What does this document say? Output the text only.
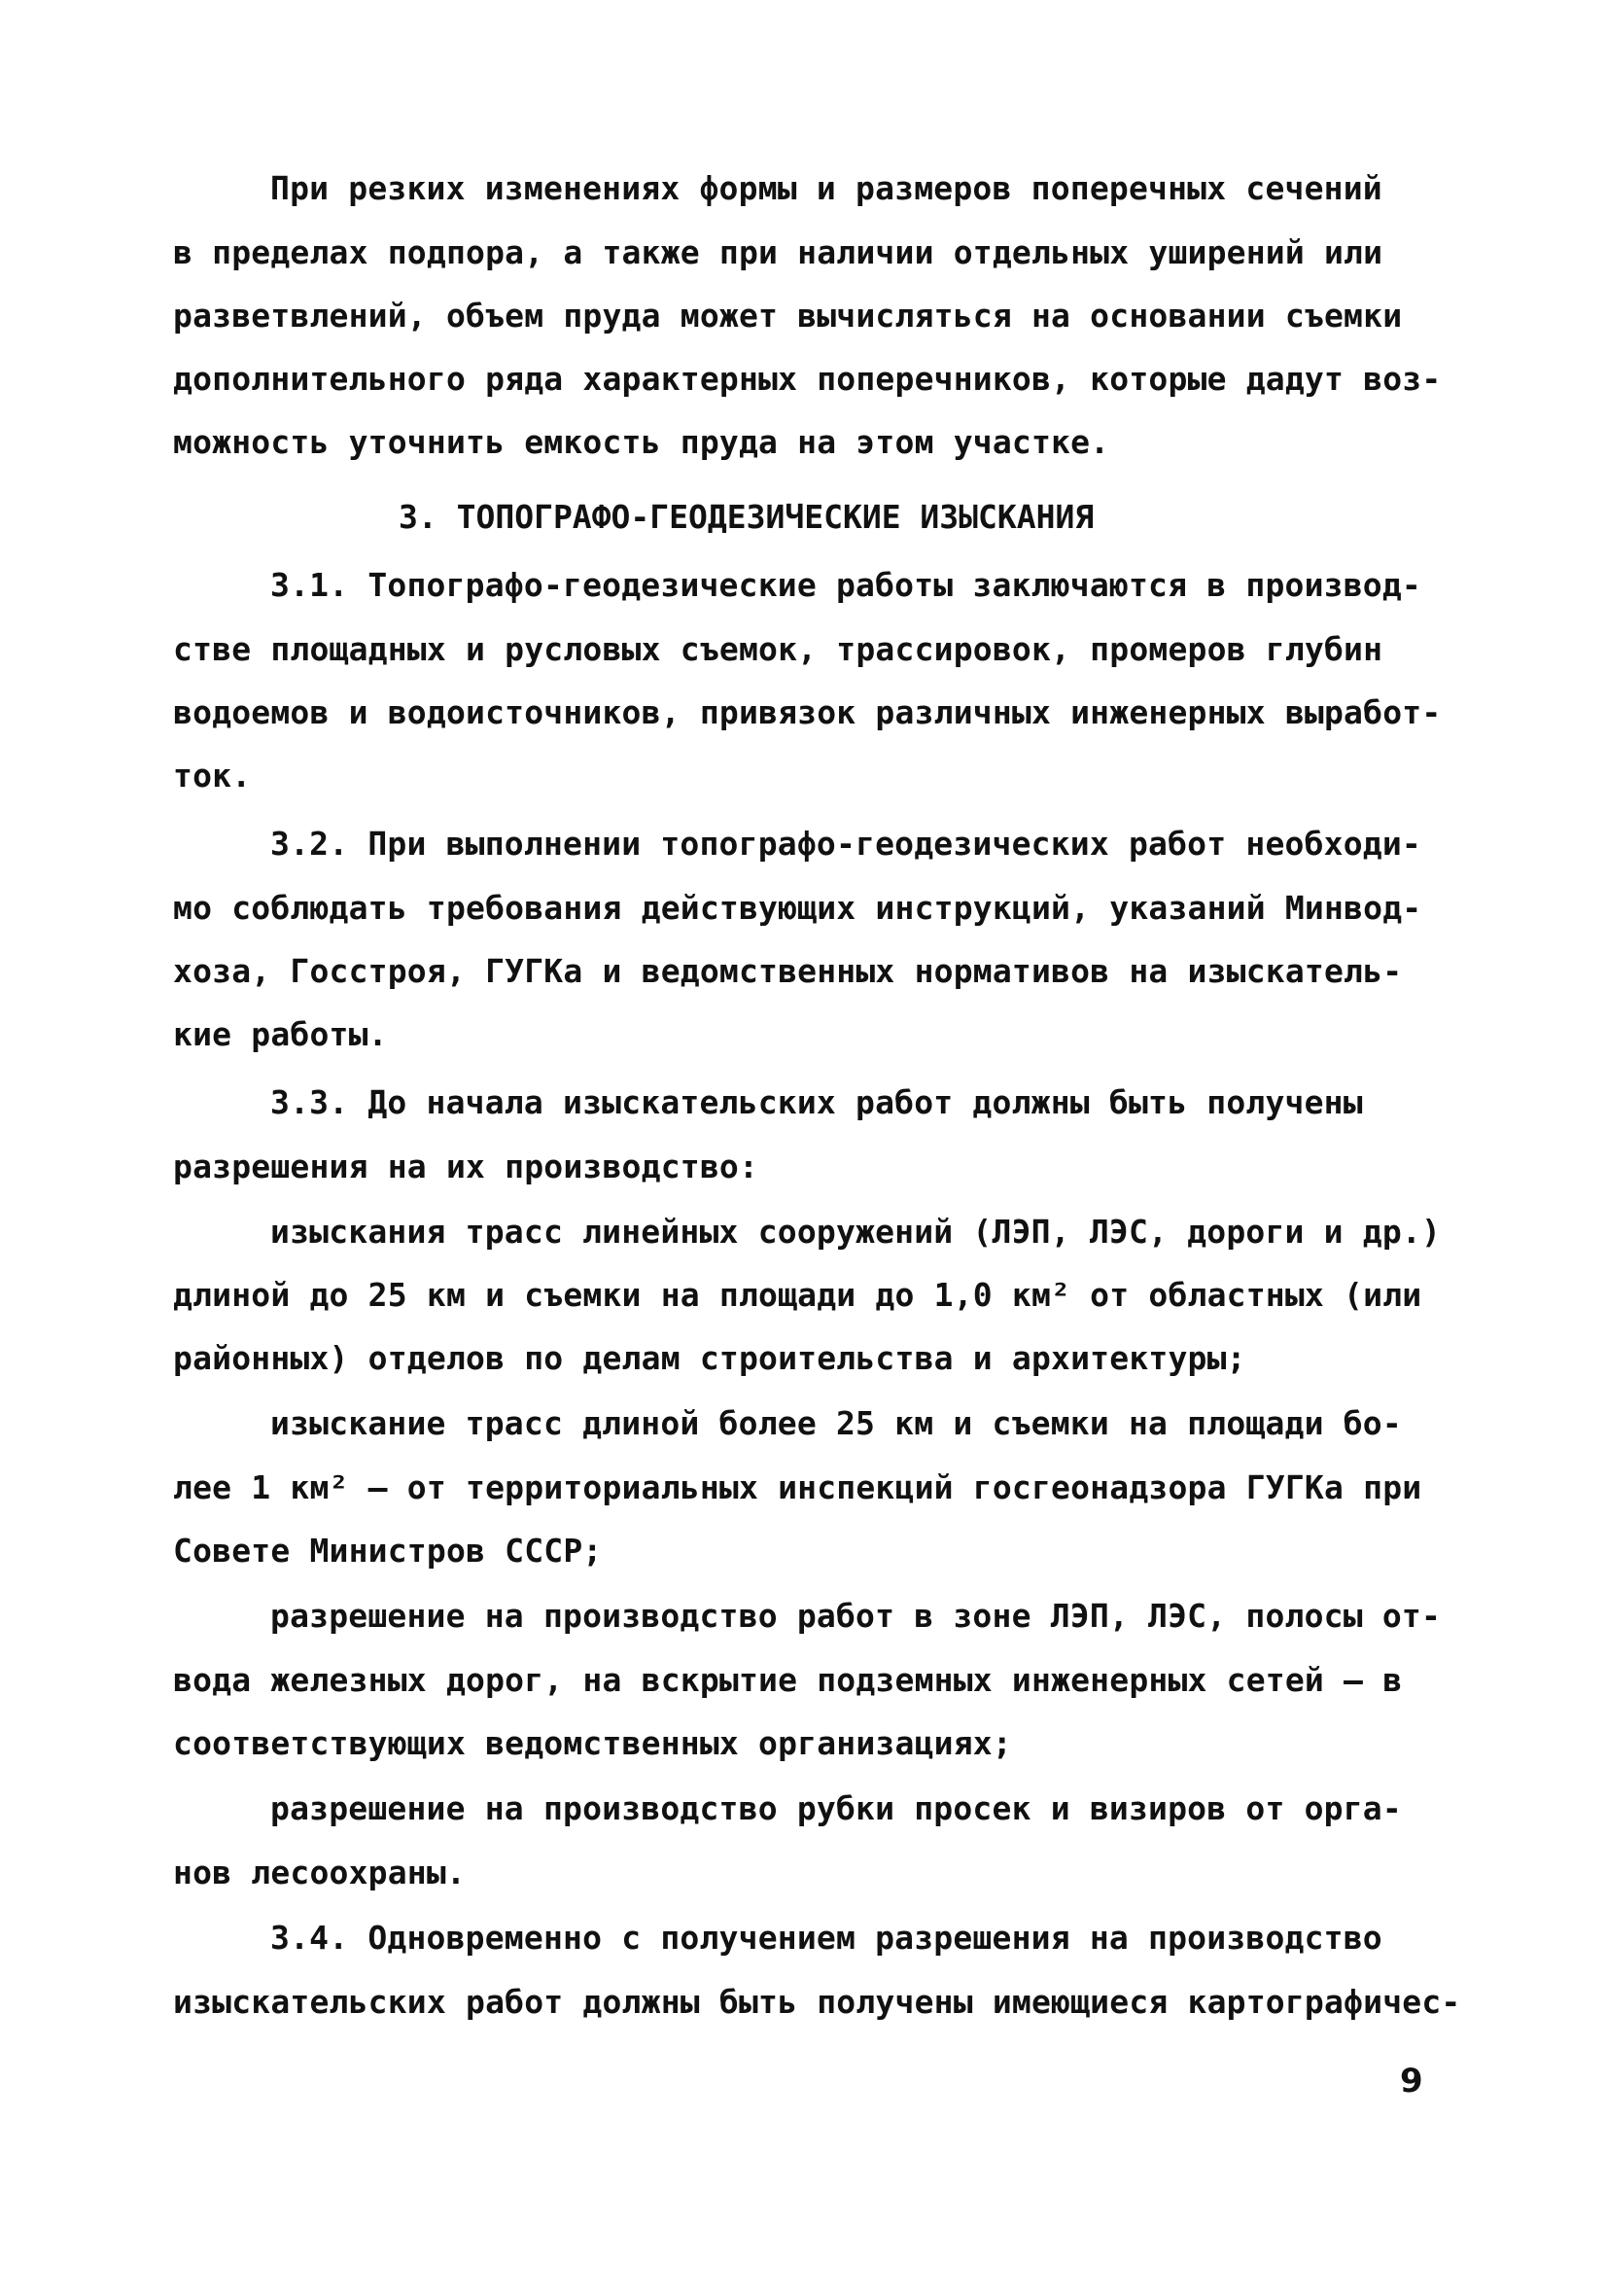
При резких изменениях формы и размеров поперечных сечений
в пределах подпора, а также при наличии отдельных уширений или
разветвлений, объем пруда может вычисляться на основании съемки
дополнительного ряда характерных поперечников, которые дадут воз-
можность уточнить емкость пруда на этом участке.
3. ТОПОГРАФО-ГЕОДЕЗИЧЕСКИЕ ИЗЫСКАНИЯ
3.1. Топографо-геодезические работы заключаются в производ-
стве площадных и русловых съемок, трассировок, промеров глубин
водоемов и водоисточников, привязок различных инженерных выработ-
ток.
3.2. При выполнении топографо-геодезических работ необходи-
мо соблюдать требования действующих инструкций, указаний Минвод-
хоза, Госстроя, ГУГКа и ведомственных нормативов на изыскатель-
кие работы.
3.3. До начала изыскательских работ должны быть получены
разрешения на их производство:
изыскания трасс линейных сооружений (ЛЭП, ЛЭС, дороги и др.)
длиной до 25 км и съемки на площади до 1,0 км² от областных (или
районных) отделов по делам строительства и архитектуры;
изыскание трасс длиной более 25 км и съемки на площади бо-
лее 1 км² – от территориальных инспекций госгеонадзора ГУГКа при
Совете Министров СССР;
разрешение на производство работ в зоне ЛЭП, ЛЭС, полосы от-
вода железных дорог, на вскрытие подземных инженерных сетей – в
соответствующих ведомственных организациях;
разрешение на производство рубки просек и визиров от орга-
нов лесоохраны.
3.4. Одновременно с получением разрешения на производство
изыскательских работ должны быть получены имеющиеся картографичес-
9
